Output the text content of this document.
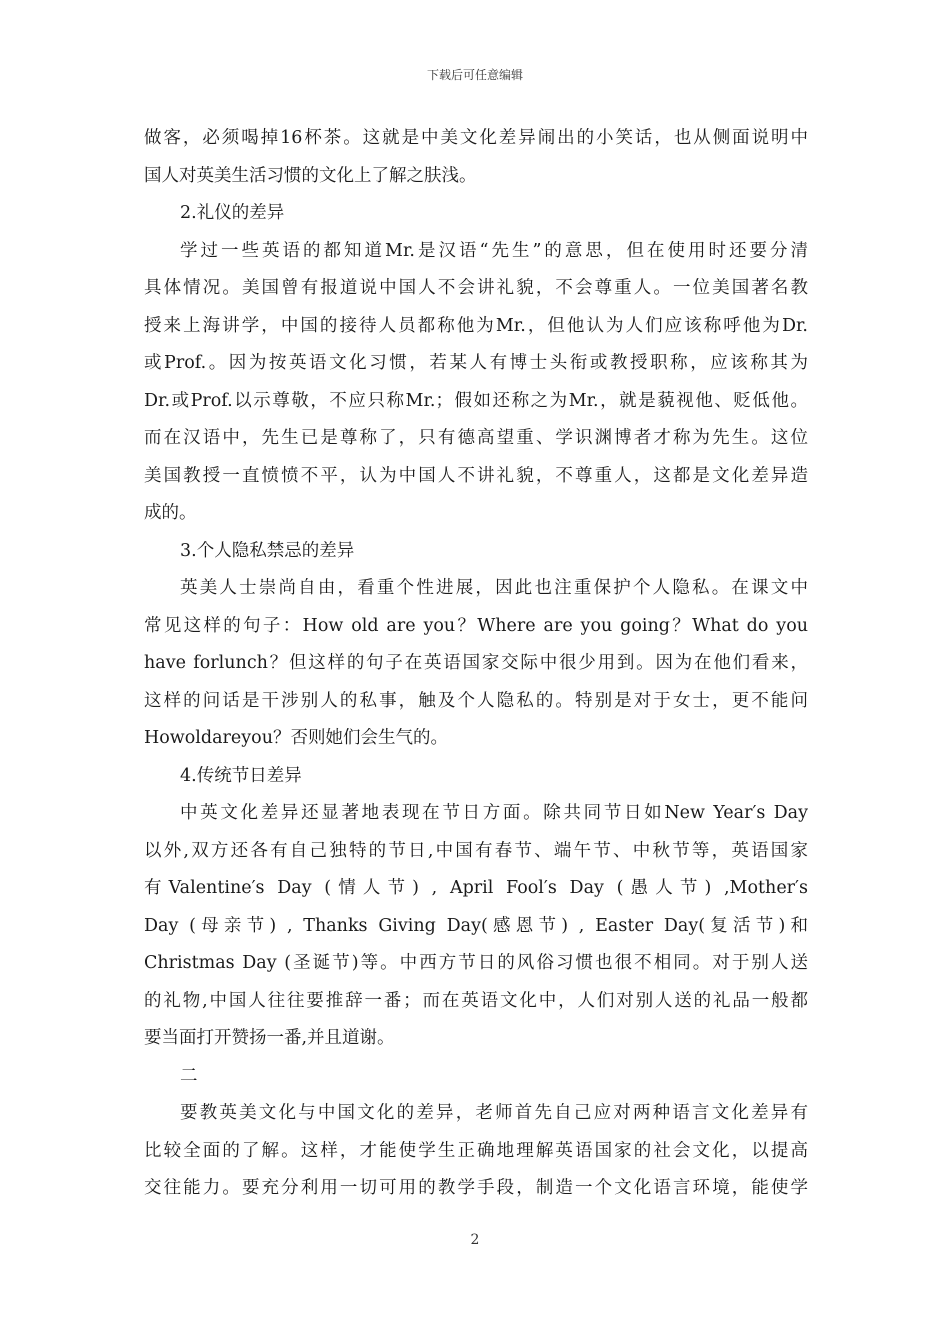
下载后可任意编辑
做客，必须喝掉16杯茶。这就是中美文化差异闹出的小笑话，也从侧面说明中
国人对英美生活习惯的文化上了解之肤浅。
2.礼仪的差异
学过一些英语的都知道Mr.是汉语“先生”的意思，但在使用时还要分清
具体情况。美国曾有报道说中国人不会讲礼貌，不会尊重人。一位美国著名教
授来上海讲学，中国的接待人员都称他为Mr.，但他认为人们应该称呼他为Dr.
或Prof.。因为按英语文化习惯，若某人有博士头衔或教授职称，应该称其为
Dr.或Prof.以示尊敬，不应只称Mr.；假如还称之为Mr.，就是藐视他、贬低他。
而在汉语中，先生已是尊称了，只有德高望重、学识渊博者才称为先生。这位
美国教授一直愤愤不平，认为中国人不讲礼貌，不尊重人，这都是文化差异造
成的。
3.个人隐私禁忌的差异
英美人士崇尚自由，看重个性进展，因此也注重保护个人隐私。在课文中
常见这样的句子：How old are you？Where are you going？What do you
have forlunch？但这样的句子在英语国家交际中很少用到。因为在他们看来，
这样的问话是干涉别人的私事，触及个人隐私的。特别是对于女士，更不能问
Howoldareyou？否则她们会生气的。
4.传统节日差异
中英文化差异还显著地表现在节日方面。除共同节日如New Year′s Day
以外,双方还各有自己独特的节日,中国有春节、端午节、中秋节等，英语国家
有Valentine′s Day (情人节) , April Fool′s Day (愚人节) ,Mother′s
Day (母亲节) , Thanks Giving Day(感恩节) , Easter Day(复活节)和
Christmas Day (圣诞节)等。中西方节日的风俗习惯也很不相同。对于别人送
的礼物,中国人往往要推辞一番；而在英语文化中，人们对别人送的礼品一般都
要当面打开赞扬一番,并且道谢。
二
要教英美文化与中国文化的差异，老师首先自己应对两种语言文化差异有
比较全面的了解。这样，才能使学生正确地理解英语国家的社会文化，以提高
交往能力。要充分利用一切可用的教学手段，制造一个文化语言环境，能使学
2
